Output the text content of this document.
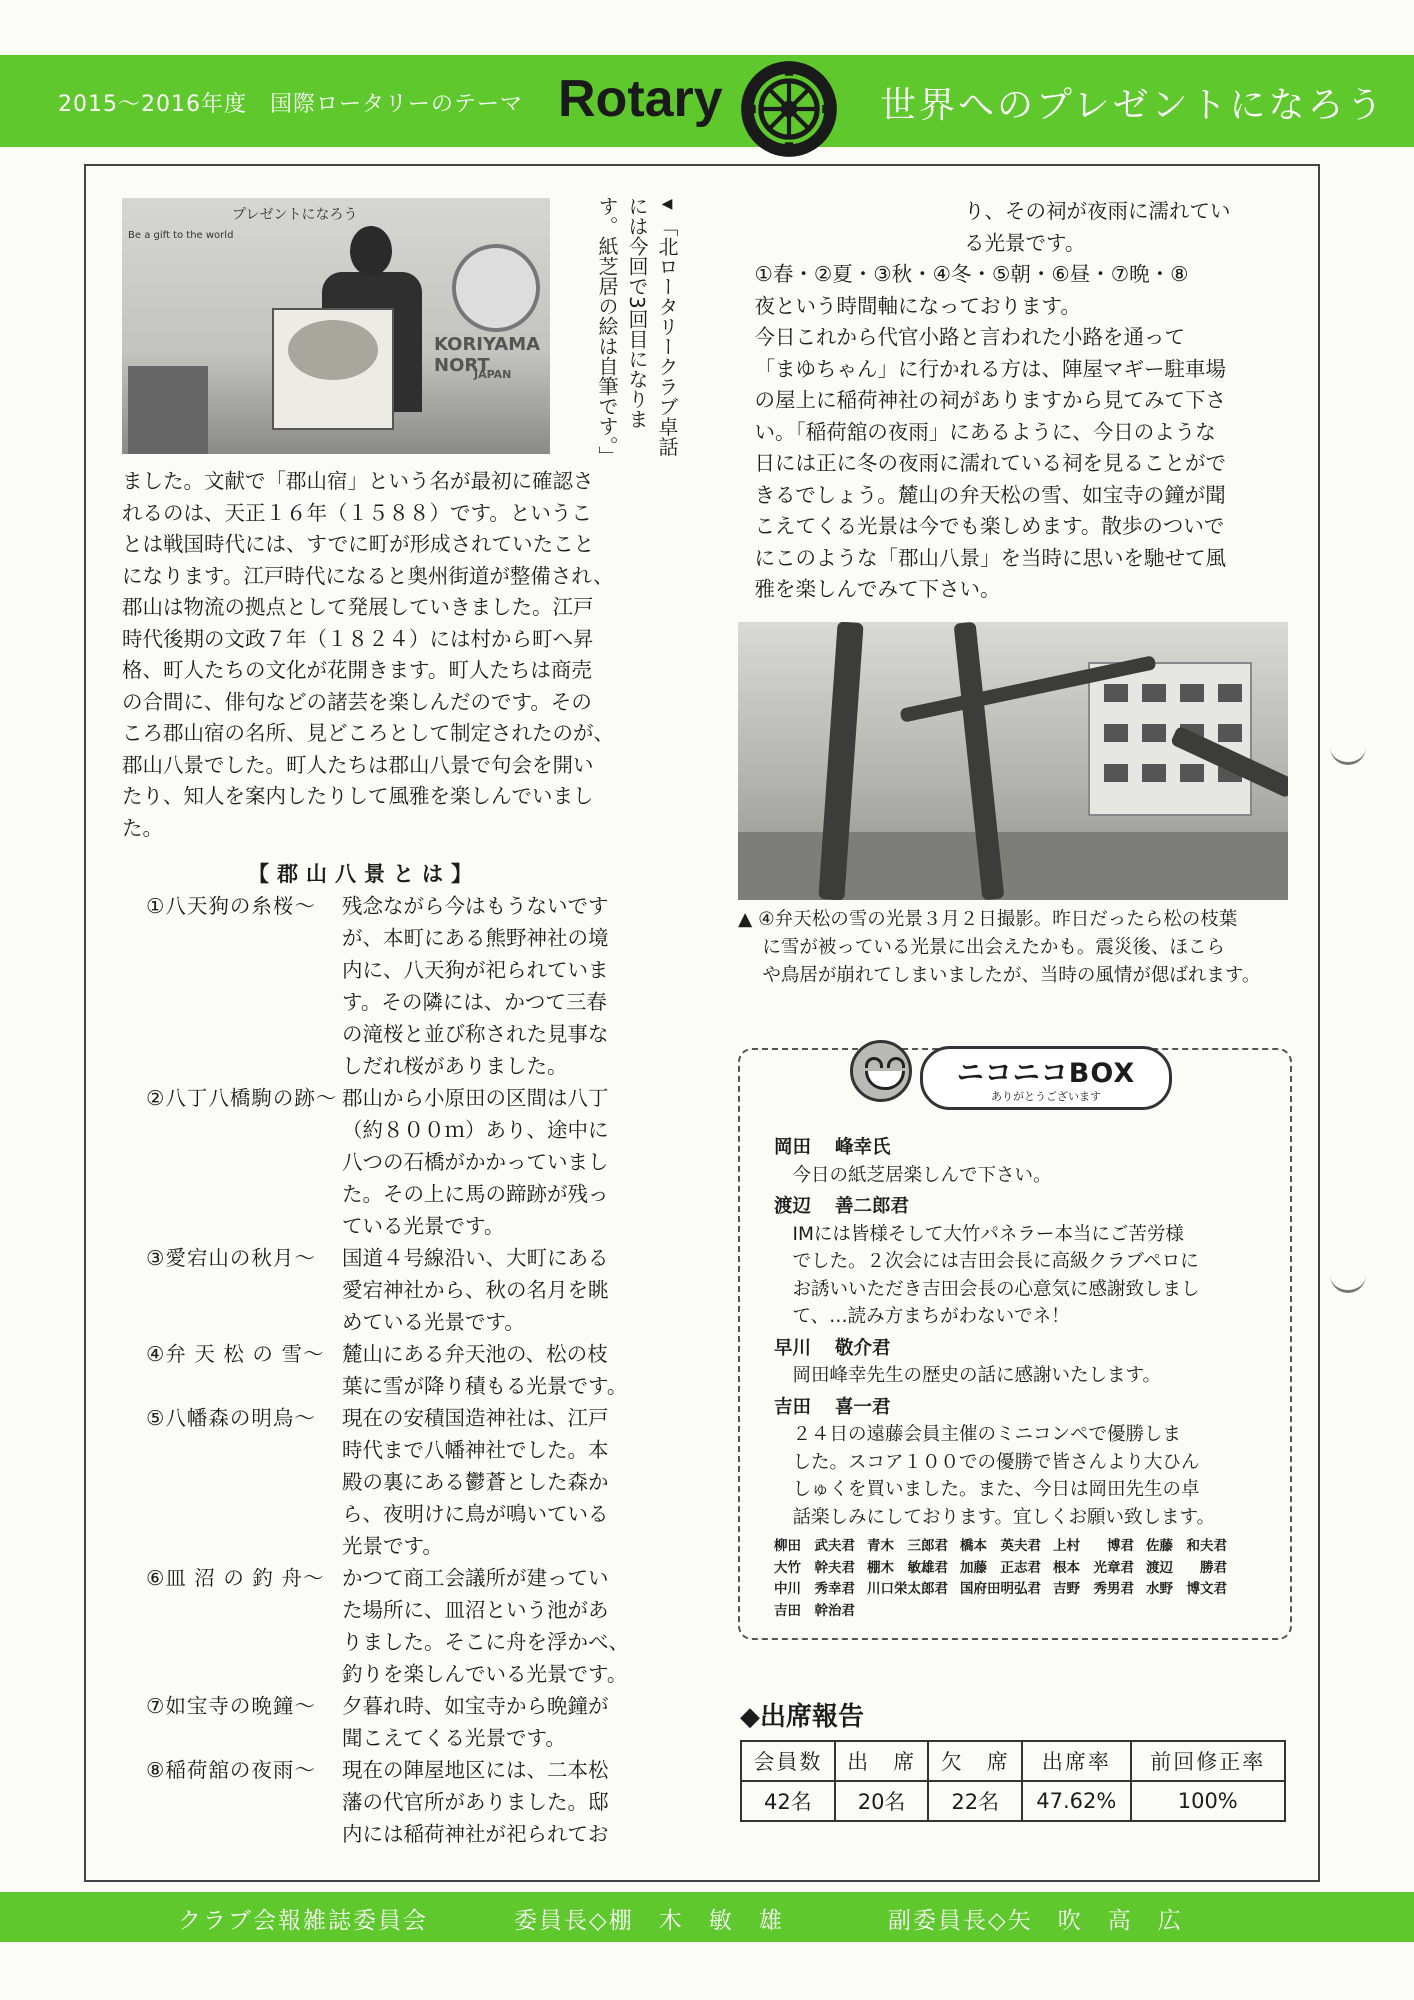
2015～2016年度　国際ロータリーのテーマ Rotary	世界へのプレゼントになろう
プレゼントになろう
Be a gift to the world
KORIYAMA NORT
JAPAN
◀ 「北ロータリークラブ卓話には今回で3回目になります。紙芝居の絵は自筆です。」
ました。文献で「郡山宿」という名が最初に確認さ
れるのは、天正１６年（１５８８）です。というこ
とは戦国時代には、すでに町が形成されていたこと
になります。江戸時代になると奥州街道が整備され、
郡山は物流の拠点として発展していきました。江戸
時代後期の文政７年（１８２４）には村から町へ昇
格、町人たちの文化が花開きます。町人たちは商売
の合間に、俳句などの諸芸を楽しんだのです。その
ころ郡山宿の名所、見どころとして制定されたのが、
郡山八景でした。町人たちは郡山八景で句会を開い
たり、知人を案内したりして風雅を楽しんでいまし
た。
【郡山八景とは】
①八天狗の糸桜～	残念ながら今はもうないです
が、本町にある熊野神社の境
内に、八天狗が祀られていま
す。その隣には、かつて三春
の滝桜と並び称された見事な
しだれ桜がありました。
②八丁八橋駒の跡～ 郡山から小原田の区間は八丁
（約８００ｍ）あり、途中に
八つの石橋がかかっていまし
た。その上に馬の蹄跡が残っ
ている光景です。
③愛宕山の秋月～	国道４号線沿い、大町にある
愛宕神社から、秋の名月を眺
めている光景です。
④弁 天 松 の 雪～ 麓山にある弁天池の、松の枝
葉に雪が降り積もる光景です。
⑤八幡森の明烏～	現在の安積国造神社は、江戸
時代まで八幡神社でした。本
殿の裏にある鬱蒼とした森か
ら、夜明けに鳥が鳴いている
光景です。
⑥皿 沼 の 釣 舟～ かつて商工会議所が建ってい
た場所に、皿沼という池があ
りました。そこに舟を浮かべ、
釣りを楽しんでいる光景です。
⑦如宝寺の晩鐘～	夕暮れ時、如宝寺から晩鐘が
聞こえてくる光景です。
⑧稲荷舘の夜雨～	現在の陣屋地区には、二本松
藩の代官所がありました。邸
内には稲荷神社が祀られてお
り、その祠が夜雨に濡れてい
る光景です。
①春・②夏・③秋・④冬・⑤朝・⑥昼・⑦晩・⑧
夜という時間軸になっております。
今日これから代官小路と言われた小路を通って
「まゆちゃん」に行かれる方は、陣屋マギー駐車場
の屋上に稲荷神社の祠がありますから見てみて下さ
い。「稲荷舘の夜雨」にあるように、今日のような
日には正に冬の夜雨に濡れている祠を見ることがで
きるでしょう。麓山の弁天松の雪、如宝寺の鐘が聞
こえてくる光景は今でも楽しめます。散歩のついで
にこのような「郡山八景」を当時に思いを馳せて風
雅を楽しんでみて下さい。
▲ ④弁天松の雪の光景３月２日撮影。昨日だったら松の枝葉
　 に雪が被っている光景に出会えたかも。震災後、ほこら
　 や鳥居が崩れてしまいましたが、当時の風情が偲ばれます。
ニコニコBOX
ありがとうございます
岡田 峰幸氏
今日の紙芝居楽しんで下さい。
渡辺 善二郎君
IMには皆様そして大竹パネラー本当にご苦労様
でした。２次会には吉田会長に高級クラブペロに
お誘いいただき吉田会長の心意気に感謝致しまし
て、…読み方まちがわないでネ！
早川 敬介君
岡田峰幸先生の歴史の話に感謝いたします。
吉田 喜一君
２４日の遠藤会員主催のミニコンペで優勝しま
した。スコア１００での優勝で皆さんより大ひん
しゅくを買いました。また、今日は岡田先生の卓
話楽しみにしております。宜しくお願い致します。
柳田　武夫君 青木　三郎君 橋本　英夫君 上村　　博君 佐藤　和夫君
大竹　幹夫君 棚木　敏雄君 加藤　正志君 根本　光章君 渡辺　　勝君
中川　秀幸君 川口栄太郎君 国府田明弘君 吉野　秀男君 水野　博文君
吉田　幹治君
◆出席報告
会員数	出　席	欠　席	出席率	前回修正率
42名	20名	22名	47.62%	100%
クラブ会報雑誌委員会	委員長◇棚　木　敏　雄	副委員長◇矢　吹　高　広
